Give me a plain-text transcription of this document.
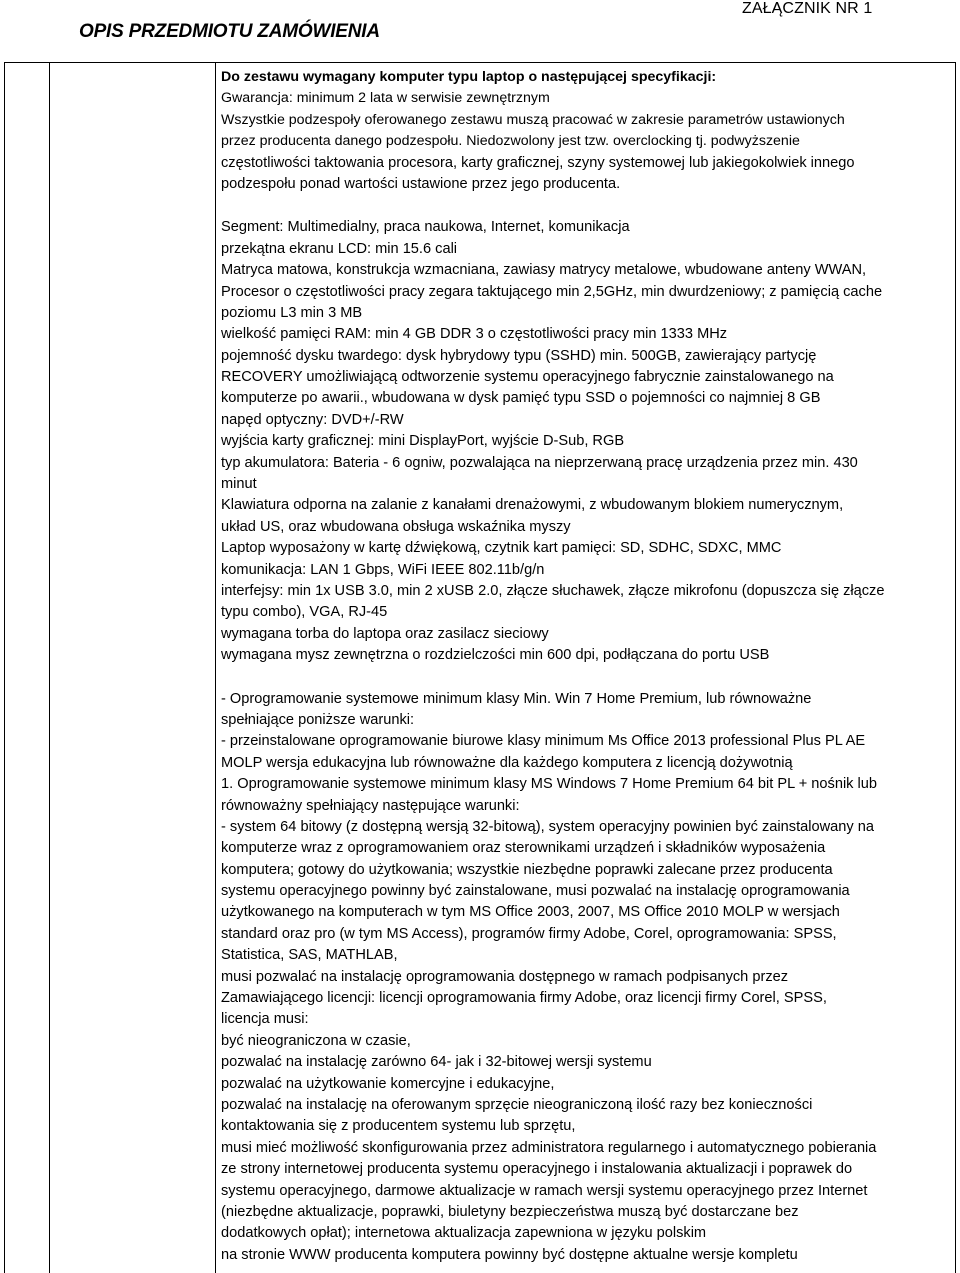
OPIS PRZEDMIOTU ZAMÓWIENIA
ZAŁĄCZNIK NR 1

Do zestawu wymagany komputer typu laptop o następującej specyfikacji:

Gwarancja: minimum 2 lata w serwisie zewnętrznym

Wszystkie podzespoły oferowanego zestawu muszą pracować w zakresie parametrów ustawionych

przez producenta danego podzespołu. Niedozwolony jest tzw. overclocking tj. podwyższenie

częstotliwości taktowania procesora, karty graficznej, szyny systemowej lub jakiegokolwiek innego

podzespołu ponad wartości ustawione przez jego producenta.

Segment: Multimedialny, praca naukowa, Internet, komunikacja

przekątna ekranu LCD: min 15.6 cali

Matryca matowa, konstrukcja wzmacniana, zawiasy matrycy metalowe, wbudowane anteny WWAN,

Procesor o częstotliwości pracy zegara taktującego min 2,5GHz, min dwurdzeniowy; z pamięcią cache

poziomu L3 min 3 MB

wielkość pamięci RAM: min 4 GB DDR 3 o częstotliwości pracy min 1333 MHz

pojemność dysku twardego: dysk hybrydowy typu (SSHD) min. 500GB, zawierający partycję

RECOVERY umożliwiającą odtworzenie systemu operacyjnego fabrycznie zainstalowanego na

komputerze po awarii., wbudowana w dysk pamięć typu SSD o pojemności co najmniej 8 GB

napęd optyczny: DVD+/-RW

wyjścia karty graficznej: mini DisplayPort, wyjście D-Sub, RGB

typ akumulatora: Bateria - 6 ogniw, pozwalająca na nieprzerwaną pracę urządzenia przez min. 430

minut

Klawiatura odporna na zalanie z kanałami drenażowymi, z wbudowanym blokiem numerycznym,

układ US, oraz wbudowana obsługa wskaźnika myszy

Laptop wyposażony w kartę dźwiękową, czytnik kart pamięci: SD, SDHC, SDXC, MMC

komunikacja: LAN 1 Gbps, WiFi IEEE 802.11b/g/n

interfejsy: min 1x USB 3.0, min 2 xUSB 2.0, złącze słuchawek, złącze mikrofonu (dopuszcza się złącze

typu combo), VGA, RJ-45

wymagana torba do laptopa oraz zasilacz sieciowy

wymagana mysz zewnętrzna o rozdzielczości min 600 dpi, podłączana do portu USB

- Oprogramowanie systemowe minimum klasy Min. Win 7 Home Premium, lub równoważne

spełniające poniższe warunki:

- przeinstalowane oprogramowanie biurowe klasy minimum Ms Office 2013 professional Plus PL AE

MOLP wersja edukacyjna lub równoważne dla każdego komputera z licencją dożywotnią

1. Oprogramowanie systemowe minimum klasy MS Windows 7 Home Premium 64 bit PL + nośnik lub

równoważny spełniający następujące warunki:

- system 64 bitowy (z dostępną wersją 32-bitową), system operacyjny powinien być zainstalowany na

komputerze wraz z oprogramowaniem oraz sterownikami urządzeń i składników wyposażenia

komputera; gotowy do użytkowania; wszystkie niezbędne poprawki zalecane przez producenta

systemu operacyjnego powinny być zainstalowane, musi pozwalać na instalację oprogramowania

użytkowanego na komputerach w tym MS Office 2003, 2007, MS Office 2010 MOLP w wersjach

standard oraz pro (w tym MS Access), programów firmy Adobe, Corel, oprogramowania: SPSS,

Statistica, SAS, MATHLAB,

musi pozwalać na instalację oprogramowania dostępnego w ramach podpisanych przez

Zamawiającego licencji: licencji oprogramowania firmy Adobe, oraz licencji firmy Corel, SPSS,

licencja musi:

być nieograniczona w czasie,

pozwalać na instalację zarówno 64- jak i 32-bitowej wersji systemu

pozwalać na użytkowanie komercyjne i edukacyjne,

pozwalać na instalację na oferowanym sprzęcie nieograniczoną ilość razy bez konieczności

kontaktowania się z producentem systemu lub sprzętu,

musi mieć możliwość skonfigurowania przez administratora regularnego i automatycznego pobierania

ze strony internetowej producenta systemu operacyjnego i instalowania aktualizacji i poprawek do

systemu operacyjnego, darmowe aktualizacje w ramach wersji systemu operacyjnego przez Internet

(niezbędne aktualizacje, poprawki, biuletyny bezpieczeństwa muszą być dostarczane bez

dodatkowych opłat); internetowa aktualizacja zapewniona w języku polskim

na stronie WWW producenta komputera powinny być dostępne aktualne wersje kompletu
